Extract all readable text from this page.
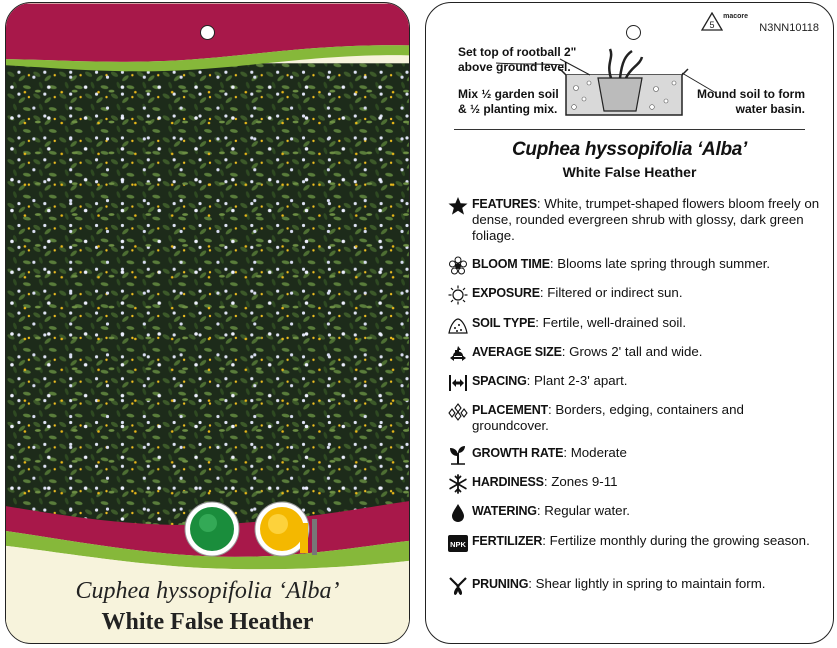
Cuphea hyssopifolia ‘Alba’
White False Heather
5
macore
N3NN10118
Set top of rootball 2"
above ground level.
Mix ½ garden soil
& ½ planting mix.
Mound soil to form
water basin.
Cuphea hyssopifolia ‘Alba’
White False Heather
FEATURES: White, trumpet-shaped flowers bloom freely on dense, rounded evergreen shrub with glossy, dark green foliage.
BLOOM TIME: Blooms late spring through summer.
EXPOSURE: Filtered or indirect sun.
SOIL TYPE: Fertile, well-drained soil.
AVERAGE SIZE: Grows 2' tall and wide.
SPACING: Plant 2-3' apart.
PLACEMENT: Borders, edging, containers and groundcover.
GROWTH RATE: Moderate
HARDINESS: Zones 9-11
WATERING: Regular water.
NPK FERTILIZER: Fertilize monthly during the growing season.
PRUNING: Shear lightly in spring to maintain form.
